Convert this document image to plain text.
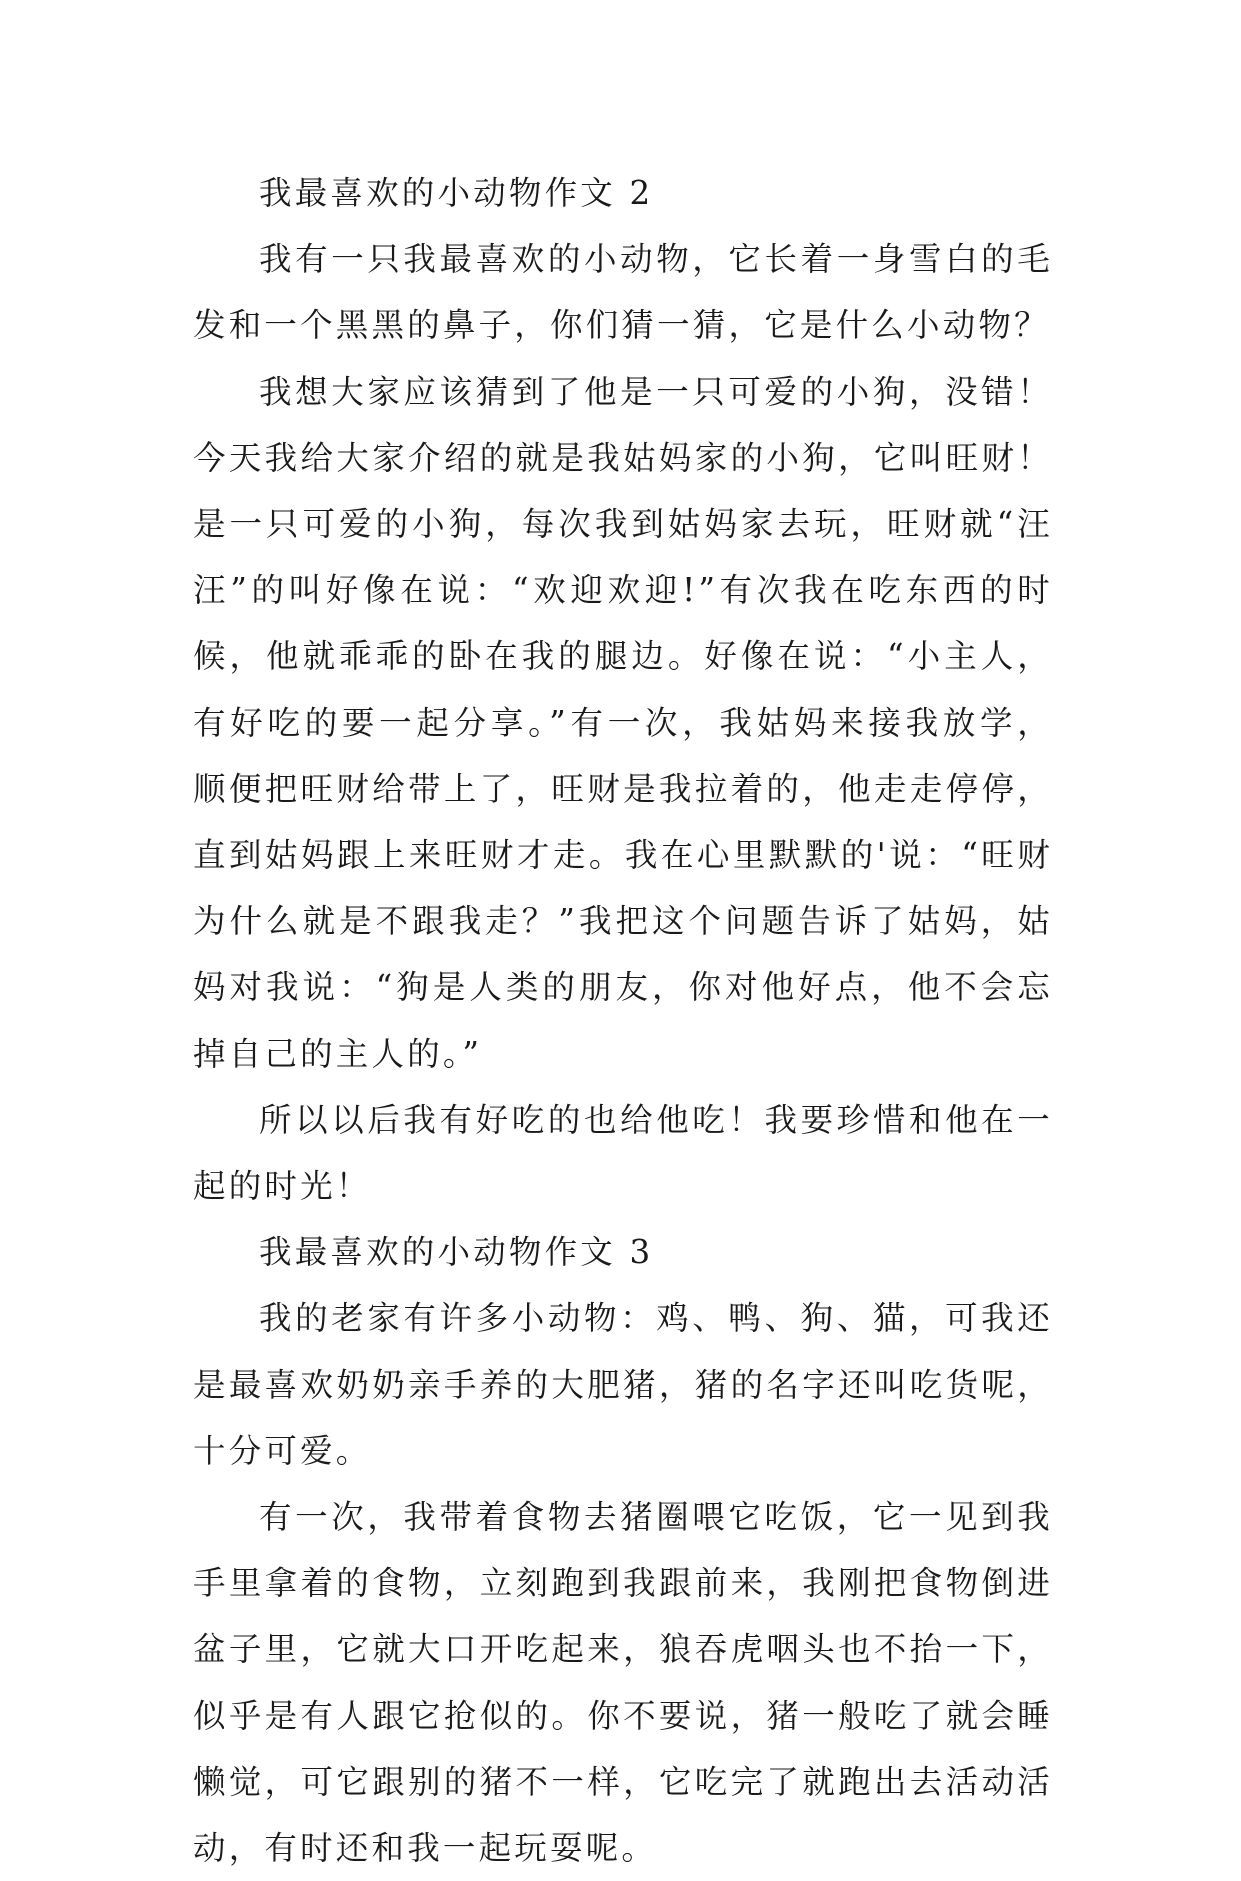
我最喜欢的小动物作文 2

我有一只我最喜欢的小动物，它长着一身雪白的毛发和一个黑黑的鼻子，你们猜一猜，它是什么小动物？

我想大家应该猜到了他是一只可爱的小狗，没错！今天我给大家介绍的就是我姑妈家的小狗，它叫旺财！是一只可爱的小狗，每次我到姑妈家去玩，旺财就“汪汪”的叫好像在说：“欢迎欢迎!”有次我在吃东西的时候，他就乖乖的卧在我的腿边。好像在说：“小主人，有好吃的要一起分享。”有一次，我姑妈来接我放学，顺便把旺财给带上了，旺财是我拉着的，他走走停停，直到姑妈跟上来旺财才走。我在心里默默的'说：“旺财为什么就是不跟我走？”我把这个问题告诉了姑妈，姑妈对我说：“狗是人类的朋友，你对他好点，他不会忘掉自己的主人的。”

所以以后我有好吃的也给他吃！我要珍惜和他在一起的时光！

我最喜欢的小动物作文 3

我的老家有许多小动物：鸡、鸭、狗、猫，可我还是最喜欢奶奶亲手养的大肥猪，猪的名字还叫吃货呢，十分可爱。

有一次，我带着食物去猪圈喂它吃饭，它一见到我手里拿着的食物，立刻跑到我跟前来，我刚把食物倒进盆子里，它就大口开吃起来，狼吞虎咽头也不抬一下，似乎是有人跟它抢似的。你不要说，猪一般吃了就会睡懒觉，可它跟别的猪不一样，它吃完了就跑出去活动活动，有时还和我一起玩耍呢。
